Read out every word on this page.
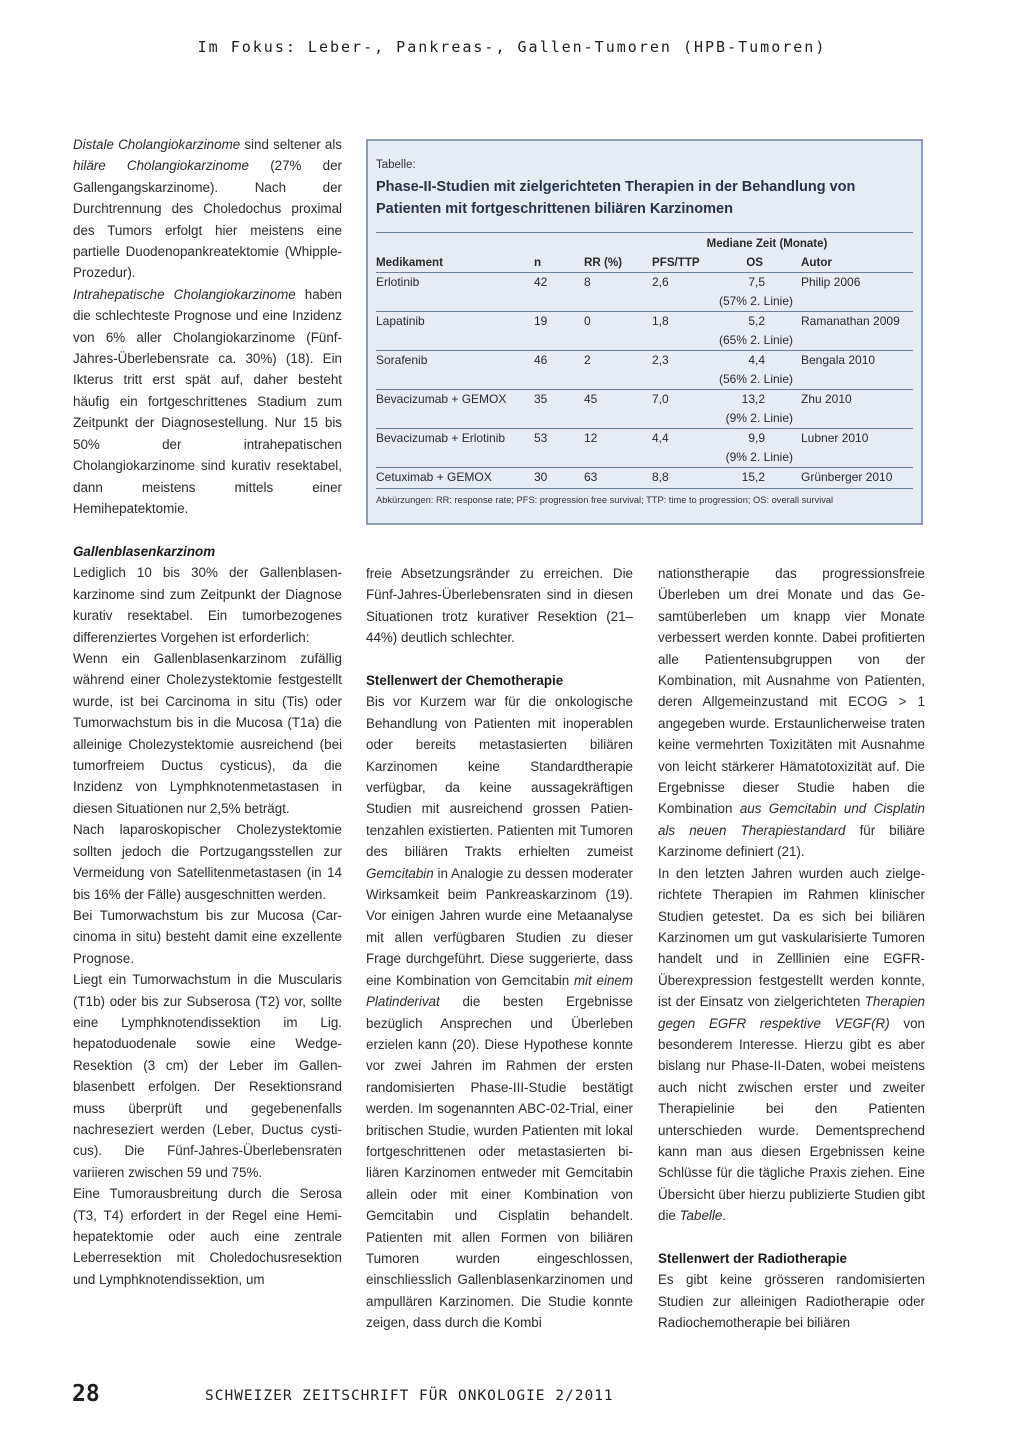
Im Fokus: Leber-, Pankreas-, Gallen-Tumoren (HPB-Tumoren)

Distale Cholangiokarzinome sind seltener als hiläre Cholangiokarzinome (27% der Gallengangskarzinome). Nach der Durchtrennung des Choledochus proximal des Tumors erfolgt hier meistens eine partielle Duodenopankreatektomie (Whipple-Prozedur).

Intrahepatische Cholangiokarzinome haben die schlechteste Prognose und eine Inzidenz von 6% aller Cholangiokarzinome (Fünf-Jahres-Überlebensrate ca. 30%) (18). Ein Ikterus tritt erst spät auf, daher besteht häufig ein fortgeschrittenes Stadium zum Zeitpunkt der Diagnosestellung. Nur 15 bis 50% der intrahepatischen Cholangiokarzinome sind kurativ resektabel, dann meistens mittels einer Hemihepatektomie.

Tabelle:
Phase-II-Studien mit zielgerichteten Therapien in der Behandlung von Patienten mit fortgeschrittenen biliären Karzinomen
Mediane Zeit (Monate)
Medikament	n	RR (%)	PFS/TTP	OS	Autor
Erlotinib	42	8	2,6	7,5	Philip 2006
(57% 2. Linie)
Lapatinib	19	0	1,8	5,2	Ramanathan 2009
(65% 2. Linie)
Sorafenib	46	2	2,3	4,4	Bengala 2010
(56% 2. Linie)
Bevacizumab + GEMOX 35	45	7,0	13,2	Zhu 2010
(9% 2. Linie)
Bevacizumab + Erlotinib 53	12	4,4	9,9	Lubner 2010
(9% 2. Linie)
Cetuximab + GEMOX	30	63	8,8	15,2	Grünberger 2010
Abkürzungen: RR: response rate; PFS: progression free survival; TTP: time to progression; OS: overall survival
Gallenblasenkarzinom

Lediglich 10 bis 30% der Gallenblasenkarzinome sind zum Zeitpunkt der Diagnose kurativ resektabel. Ein tumorbezogenes differenziertes Vorgehen ist erforderlich:

Wenn ein Gallenblasenkarzinom zufällig während einer Cholezystektomie festgestellt wurde, ist bei Carcinoma in situ (Tis) oder Tumorwachstum bis in die Mucosa (T1a) die alleinige Cholezystektomie ausreichend (bei tumorfreiem Ductus cysticus), da die Inzidenz von Lymphknotenmetastasen in diesen Situationen nur 2,5% beträgt.

Nach laparoskopischer Cholezystektomie sollten jedoch die Portzugangsstellen zur Vermeidung von Satellitenmetastasen (in 14 bis 16% der Fälle) ausgeschnitten werden.

Bei Tumorwachstum bis zur Mucosa (Carcinoma in situ) besteht damit eine exzellente Prognose.

Liegt ein Tumorwachstum in die Muscularis (T1b) oder bis zur Subserosa (T2) vor, sollte eine Lymphknotendissektion im Lig. hepatoduodenale sowie eine Wedge-Resektion (3 cm) der Leber im Gallenblasenbett erfolgen. Der Resektionsrand muss überprüft und gegebenenfalls nachreseziert werden (Leber, Ductus cysticus). Die Fünf-Jahres-Überlebensraten variieren zwischen 59 und 75%.

Eine Tumorausbreitung durch die Serosa (T3, T4) erfordert in der Regel eine Hemihepatektomie oder auch eine zentrale Leberresektion mit Choledochusresektion und Lymphknotendissektion, um

freie Absetzungsränder zu erreichen. Die Fünf-Jahres-Überlebensraten sind in diesen Situationen trotz kurativer Resektion (21–44%) deutlich schlechter.

Stellenwert der Chemotherapie

Bis vor Kurzem war für die onkologische Behandlung von Patienten mit inoperablen oder bereits metastasierten biliären Karzinomen keine Standardtherapie verfügbar, da keine aussagekräftigen Studien mit ausreichend grossen Patientenzahlen existierten. Patienten mit Tumoren des biliären Trakts erhielten zumeist Gemcitabin in Analogie zu dessen moderater Wirksamkeit beim Pankreaskarzinom (19). Vor einigen Jahren wurde eine Metaanalyse mit allen verfügbaren Studien zu dieser Frage durchgeführt. Diese suggerierte, dass eine Kombination von Gemcitabin mit einem Platinderivat die besten Ergebnisse bezüglich Ansprechen und Überleben erzielen kann (20). Diese Hypothese konnte vor zwei Jahren im Rahmen der ersten randomisierten Phase-III-Studie bestätigt werden. Im sogenannten ABC-02-Trial, einer britischen Studie, wurden Patienten mit lokal fortgeschrittenen oder metastasierten biliären Karzinomen entweder mit Gemcitabin allein oder mit einer Kombination von Gemcitabin und Cisplatin behandelt. Patienten mit allen Formen von biliären Tumoren wurden eingeschlossen, einschliesslich Gallenblasenkarzinomen und ampullären Karzinomen. Die Studie konnte zeigen, dass durch die Kombi

nationstherapie das progressionsfreie Überleben um drei Monate und das Gesamtüberleben um knapp vier Monate verbessert werden konnte. Dabei profitierten alle Patientensubgruppen von der Kombination, mit Ausnahme von Patienten, deren Allgemeinzustand mit ECOG > 1 angegeben wurde. Erstaunlicherweise traten keine vermehrten Toxizitäten mit Ausnahme von leicht stärkerer Hämatotoxizität auf. Die Ergebnisse dieser Studie haben die Kombination aus Gemcitabin und Cisplatin als neuen Therapiestandard für biliäre Karzinome definiert (21).

In den letzten Jahren wurden auch zielgerichtete Therapien im Rahmen klinischer Studien getestet. Da es sich bei biliären Karzinomen um gut vaskularisierte Tumoren handelt und in Zelllinien eine EGFR-Überexpression festgestellt werden konnte, ist der Einsatz von zielgerichteten Therapien gegen EGFR respektive VEGF(R) von besonderem Interesse. Hierzu gibt es aber bislang nur Phase-II-Daten, wobei meistens auch nicht zwischen erster und zweiter Therapielinie bei den Patienten unterschieden wurde. Dementsprechend kann man aus diesen Ergebnissen keine Schlüsse für die tägliche Praxis ziehen. Eine Übersicht über hierzu publizierte Studien gibt die Tabelle.

Stellenwert der Radiotherapie

Es gibt keine grösseren randomisierten Studien zur alleinigen Radiotherapie oder Radiochemotherapie bei biliären

28	SCHWEIZER ZEITSCHRIFT FÜR ONKOLOGIE 2/2011
